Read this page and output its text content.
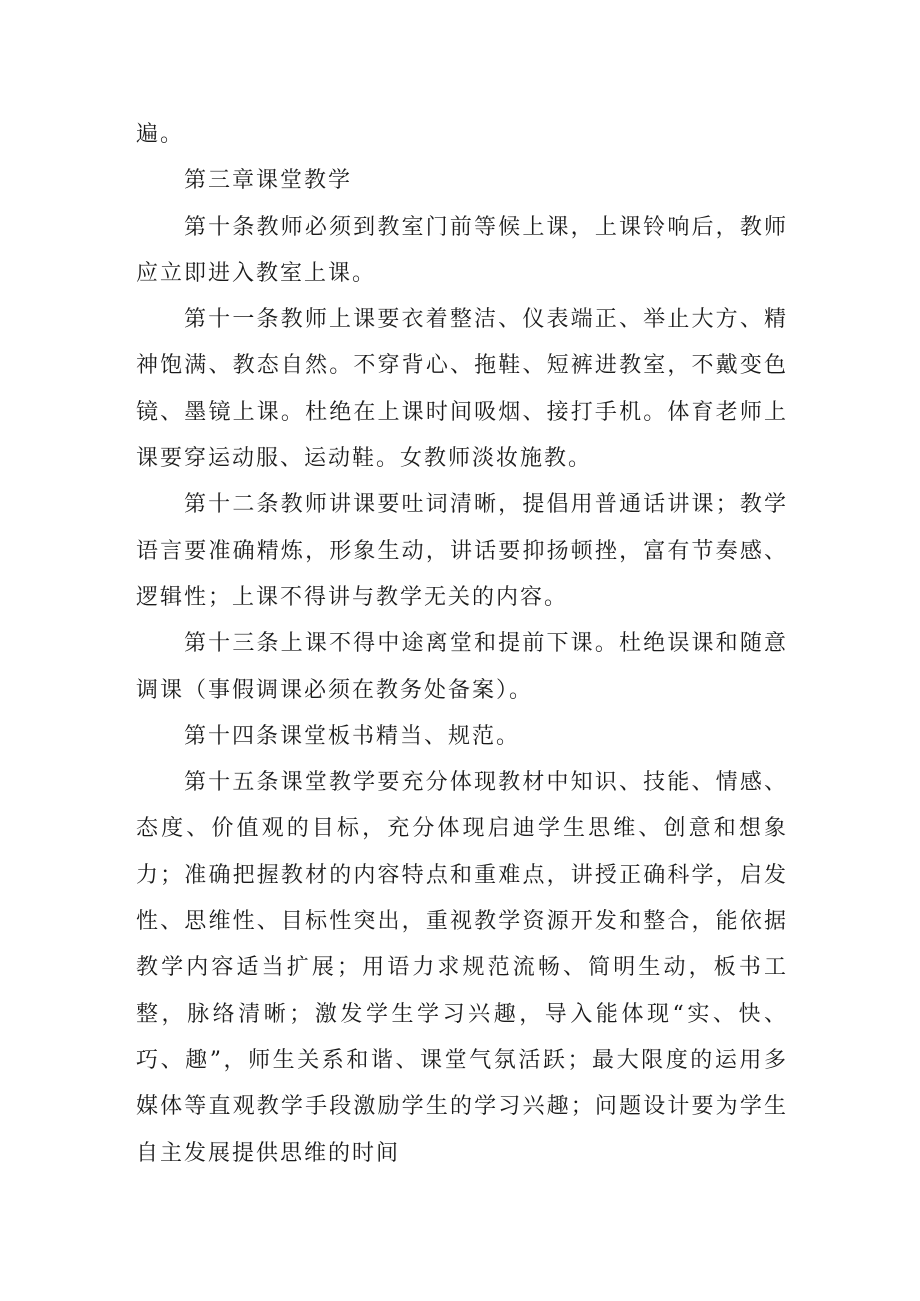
遍。

第三章课堂教学

第十条教师必须到教室门前等候上课，上课铃响后，教师应立即进入教室上课。

第十一条教师上课要衣着整洁、仪表端正、举止大方、精神饱满、教态自然。不穿背心、拖鞋、短裤进教室，不戴变色镜、墨镜上课。杜绝在上课时间吸烟、接打手机。体育老师上课要穿运动服、运动鞋。女教师淡妆施教。

第十二条教师讲课要吐词清晰，提倡用普通话讲课；教学语言要准确精炼，形象生动，讲话要抑扬顿挫，富有节奏感、逻辑性；上课不得讲与教学无关的内容。

第十三条上课不得中途离堂和提前下课。杜绝误课和随意调课（事假调课必须在教务处备案）。

第十四条课堂板书精当、规范。

第十五条课堂教学要充分体现教材中知识、技能、情感、态度、价值观的目标，充分体现启迪学生思维、创意和想象力；准确把握教材的内容特点和重难点，讲授正确科学，启发性、思维性、目标性突出，重视教学资源开发和整合，能依据教学内容适当扩展；用语力求规范流畅、简明生动，板书工整，脉络清晰；激发学生学习兴趣，导入能体现“实、快、巧、趣”，师生关系和谐、课堂气氛活跃；最大限度的运用多媒体等直观教学手段激励学生的学习兴趣；问题设计要为学生自主发展提供思维的时间
